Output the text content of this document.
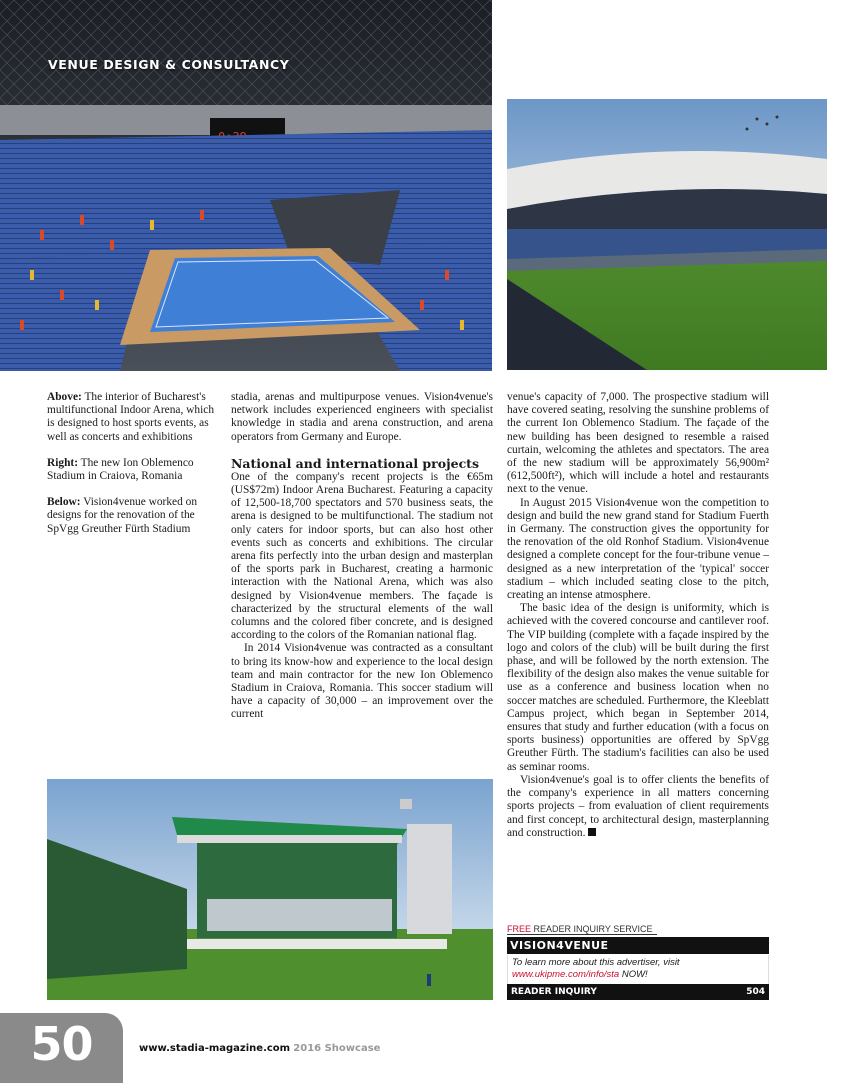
VENUE DESIGN & CONSULTANCY

Above: The interior of Bucharest's multifunctional Indoor Arena, which is designed to host sports events, as well as concerts and exhibitions

Right: The new Ion Oblemenco Stadium in Craiova, Romania

Below: Vision4venue worked on designs for the renovation of the SpVgg Greuther Fürth Stadium

stadia, arenas and multipurpose venues. Vision4venue's network includes experienced engineers with specialist knowledge in stadia and arena construction, and arena operators from Germany and Europe.

National and international projects

One of the company's recent projects is the €65m (US$72m) Indoor Arena Bucharest. Featuring a capacity of 12,500-18,700 spectators and 570 business seats, the arena is designed to be multifunctional. The stadium not only caters for indoor sports, but can also host other events such as concerts and exhibitions. The circular arena fits perfectly into the urban design and masterplan of the sports park in Bucharest, creating a harmonic interaction with the National Arena, which was also designed by Vision4venue members. The façade is characterized by the structural elements of the wall columns and the colored fiber concrete, and is designed according to the colors of the Romanian national flag.

In 2014 Vision4venue was contracted as a consultant to bring its know-how and experience to the local design team and main contractor for the new Ion Oblemenco Stadium in Craiova, Romania. This soccer stadium will have a capacity of 30,000 – an improvement over the current

venue's capacity of 7,000. The prospective stadium will have covered seating, resolving the sunshine problems of the current Ion Oblemenco Stadium. The façade of the new building has been designed to resemble a raised curtain, welcoming the athletes and spectators. The area of the new stadium will be approximately 56,900m² (612,500ft²), which will include a hotel and restaurants next to the venue.

In August 2015 Vision4venue won the competition to design and build the new grand stand for Stadium Fuerth in Germany. The construction gives the opportunity for the renovation of the old Ronhof Stadium. Vision4venue designed a complete concept for the four-tribune venue – designed as a new interpretation of the 'typical' soccer stadium – which included seating close to the pitch, creating an intense atmosphere.

The basic idea of the design is uniformity, which is achieved with the covered concourse and cantilever roof. The VIP building (complete with a façade inspired by the logo and colors of the club) will be built during the first phase, and will be followed by the north extension. The flexibility of the design also makes the venue suitable for use as a conference and business location when no soccer matches are scheduled. Furthermore, the Kleeblatt Campus project, which began in September 2014, ensures that study and further education (with a focus on sports business) opportunities are offered by SpVgg Greuther Fürth. The stadium's facilities can also be used as seminar rooms.

Vision4venue's goal is to offer clients the benefits of the company's experience in all matters concerning sports projects – from evaluation of client requirements and first concept, to architectural design, masterplanning and construction.

FREE READER INQUIRY SERVICE
VISION4VENUE
To learn more about this advertiser, visit
www.ukipme.com/info/sta NOW!
READER INQUIRY	504
50	www.stadia-magazine.com 2016 Showcase
